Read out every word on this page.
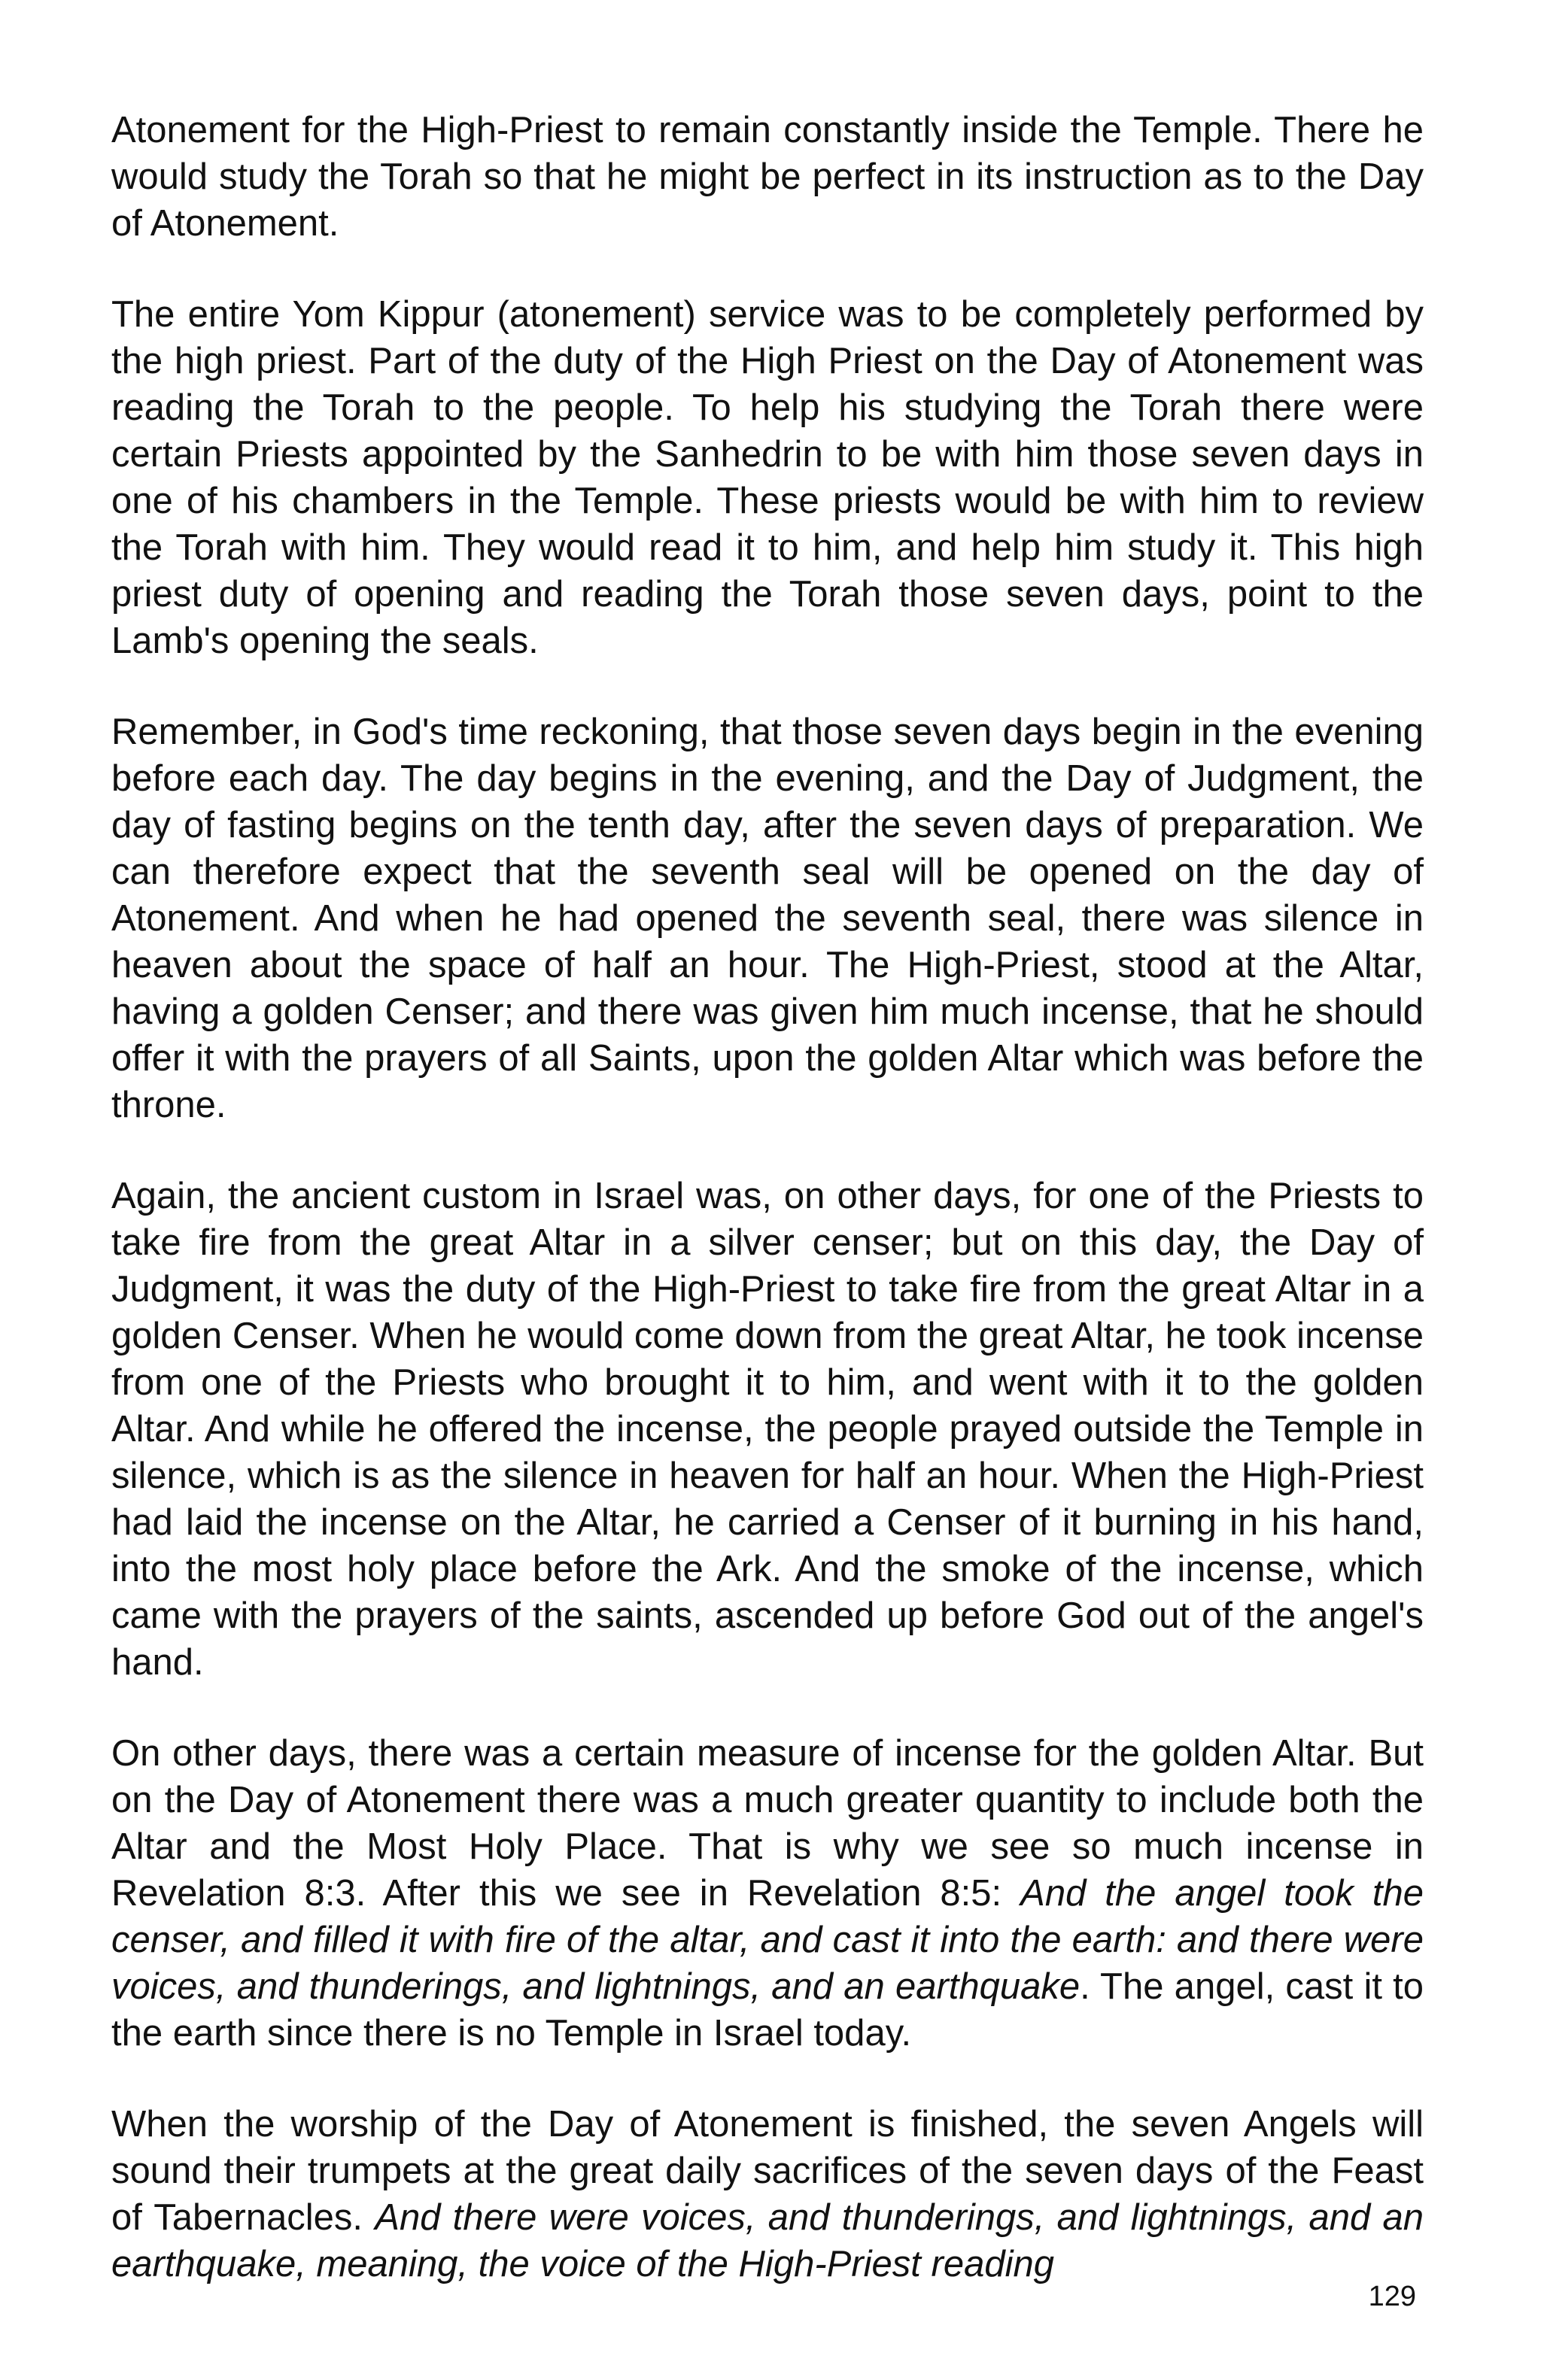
Atonement for the High-Priest to remain constantly inside the Temple. There he would study the Torah so that he might be perfect in its instruction as to the Day of Atonement.

The entire Yom Kippur (atonement) service was to be completely performed by the high priest. Part of the duty of the High Priest on the Day of Atonement was reading the Torah to the people. To help his studying the Torah there were certain Priests appointed by the Sanhedrin to be with him those seven days in one of his chambers in the Temple. These priests would be with him to review the Torah with him. They would read it to him, and help him study it. This high priest duty of opening and reading the Torah those seven days, point to the Lamb's opening the seals.

Remember, in God's time reckoning, that those seven days begin in the evening before each day. The day begins in the evening, and the Day of Judgment, the day of fasting begins on the tenth day, after the seven days of preparation. We can therefore expect that the seventh seal will be opened on the day of Atonement. And when he had opened the seventh seal, there was silence in heaven about the space of half an hour. The High-Priest, stood at the Altar, having a golden Censer; and there was given him much incense, that he should offer it with the prayers of all Saints, upon the golden Altar which was before the throne.

Again, the ancient custom in Israel was, on other days, for one of the Priests to take fire from the great Altar in a silver censer; but on this day, the Day of Judgment, it was the duty of the High-Priest to take fire from the great Altar in a golden Censer. When he would come down from the great Altar, he took incense from one of the Priests who brought it to him, and went with it to the golden Altar. And while he offered the incense, the people prayed outside the Temple in silence, which is as the silence in heaven for half an hour. When the High-Priest had laid the incense on the Altar, he carried a Censer of it burning in his hand, into the most holy place before the Ark. And the smoke of the incense, which came with the prayers of the saints, ascended up before God out of the angel's hand.

On other days, there was a certain measure of incense for the golden Altar. But on the Day of Atonement there was a much greater quantity to include both the Altar and the Most Holy Place. That is why we see so much incense in Revelation 8:3. After this we see in Revelation 8:5: And the angel took the censer, and filled it with fire of the altar, and cast it into the earth: and there were voices, and thunderings, and lightnings, and an earthquake. The angel, cast it to the earth since there is no Temple in Israel today.

When the worship of the Day of Atonement is finished, the seven Angels will sound their trumpets at the great daily sacrifices of the seven days of the Feast of Tabernacles. And there were voices, and thunderings, and lightnings, and an earthquake, meaning, the voice of the High-Priest reading

129
